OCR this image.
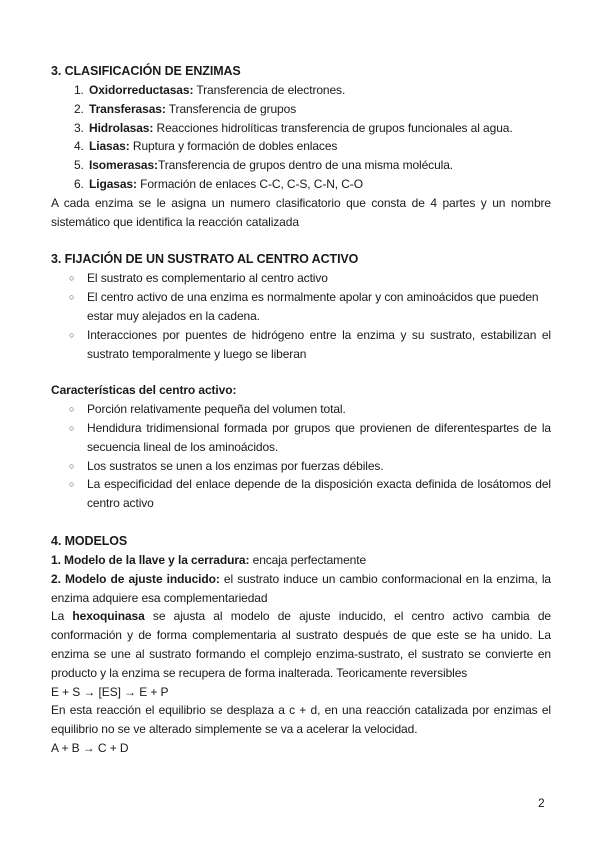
3. CLASIFICACIÓN DE ENZIMAS
1. Oxidorreductasas: Transferencia de electrones.
2. Transferasas: Transferencia de grupos
3. Hidrolasas: Reacciones hidrolíticas transferencia de grupos funcionales al agua.
4. Liasas: Ruptura y formación de dobles enlaces
5. Isomerasas:Transferencia de grupos dentro de una misma molécula.
6. Ligasas: Formación de enlaces C-C, C-S, C-N, C-O

A cada enzima se le asigna un numero clasificatorio que consta de 4 partes y un nombre sistemático que identifica la reacción catalizada

3. FIJACIÓN DE UN SUSTRATO AL CENTRO ACTIVO
○ El sustrato es complementario al centro activo
○ El centro activo de una enzima es normalmente apolar y con aminoácidos que pueden estar muy alejados en la cadena.
○ Interacciones por puentes de hidrógeno entre la enzima y su sustrato, estabilizan el sustrato temporalmente y luego se liberan

Características del centro activo:

○ Porción relativamente pequeña del volumen total.
○ Hendidura tridimensional formada por grupos que provienen de diferentespartes de la secuencia lineal de los aminoácidos.
○ Los sustratos se unen a los enzimas por fuerzas débiles.
○ La especificidad del enlace depende de la disposición exacta definida de losátomos del centro activo
4. MODELOS

1. Modelo de la llave y la cerradura: encaja perfectamente

2. Modelo de ajuste inducido: el sustrato induce un cambio conformacional en la enzima, la enzima adquiere esa complementariedad

La hexoquinasa se ajusta al modelo de ajuste inducido, el centro activo cambia de conformación y de forma complementaria al sustrato después de que este se ha unido. La enzima se une al sustrato formando el complejo enzima-sustrato, el sustrato se convierte en producto y la enzima se recupera de forma inalterada. Teoricamente reversibles

E + S → [ES] → E + P

En esta reacción el equilibrio se desplaza a c + d, en una reacción catalizada por enzimas el equilibrio no se ve alterado simplemente se va a acelerar la velocidad.

A + B → C + D

2
